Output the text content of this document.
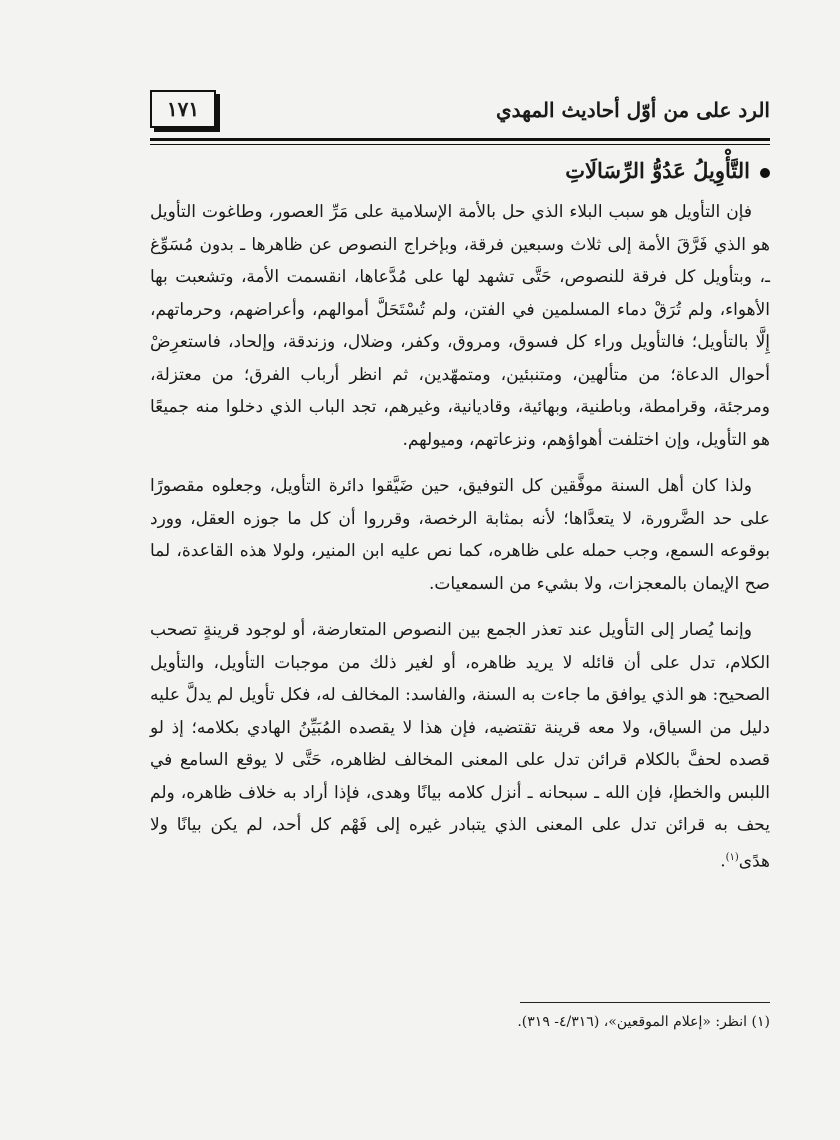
١٧١	الرد على من أوّل أحاديث المهدي
التَّأْوِيلُ عَدُوُّ الرِّسَالَاتِ

فإن التأويل هو سبب البلاء الذي حل بالأمة الإسلامية على مَرِّ العصور، وطاغوت التأويل هو الذي فَرَّقَ الأمة إلى ثلاث وسبعين فرقة، وبإخراج النصوص عن ظاهرها ـ بدون مُسَوِّغ ـ، وبتأويل كل فرقة للنصوص، حَتَّى تشهد لها على مُدَّعاها، انقسمت الأمة، وتشعبت بها الأهواء، ولم تُرَقْ دماء المسلمين في الفتن، ولم تُسْتَحَلَّ أموالهم، وأعراضهم، وحرماتهم، إِلَّا بالتأويل؛ فالتأويل وراء كل فسوق، ومروق، وكفر، وضلال، وزندقة، وإلحاد، فاستعرِضْ أحوال الدعاة؛ من متألهين، ومتنبئين، ومتمهّدين، ثم انظر أرباب الفرق؛ من معتزلة، ومرجئة، وقرامطة، وباطنية، وبهائية، وقاديانية، وغيرهم، تجد الباب الذي دخلوا منه جميعًا هو التأويل، وإن اختلفت أهواؤهم، ونزعاتهم، وميولهم.

ولذا كان أهل السنة موفَّقين كل التوفيق، حين ضَيَّقوا دائرة التأويل، وجعلوه مقصورًا على حد الضَّرورة، لا يتعدَّاها؛ لأنه بمثابة الرخصة، وقرروا أن كل ما جوزه العقل، وورد بوقوعه السمع، وجب حمله على ظاهره، كما نص عليه ابن المنير، ولولا هذه القاعدة، لما صح الإيمان بالمعجزات، ولا بشيء من السمعيات.

وإنما يُصار إلى التأويل عند تعذر الجمع بين النصوص المتعارضة، أو لوجود قرينةٍ تصحب الكلام، تدل على أن قائله لا يريد ظاهره، أو لغير ذلك من موجبات التأويل، والتأويل الصحيح: هو الذي يوافق ما جاءت به السنة، والفاسد: المخالف له، فكل تأويل لم يدلَّ عليه دليل من السياق، ولا معه قرينة تقتضيه، فإن هذا لا يقصده المُبَيِّنُ الهادي بكلامه؛ إذ لو قصده لحفَّ بالكلام قرائن تدل على المعنى المخالف لظاهره، حَتَّى لا يوقع السامع في اللبس والخطإ، فإن الله ـ سبحانه ـ أنزل كلامه بيانًا وهدى، فإذا أراد به خلاف ظاهره، ولم يحف به قرائن تدل على المعنى الذي يتبادر غيره إلى فَهْم كل أحد، لم يكن بيانًا ولا هدًى$^{(١)}$.

(١) انظر: «إعلام الموقعين»، (٤/٣١٦- ٣١٩).
